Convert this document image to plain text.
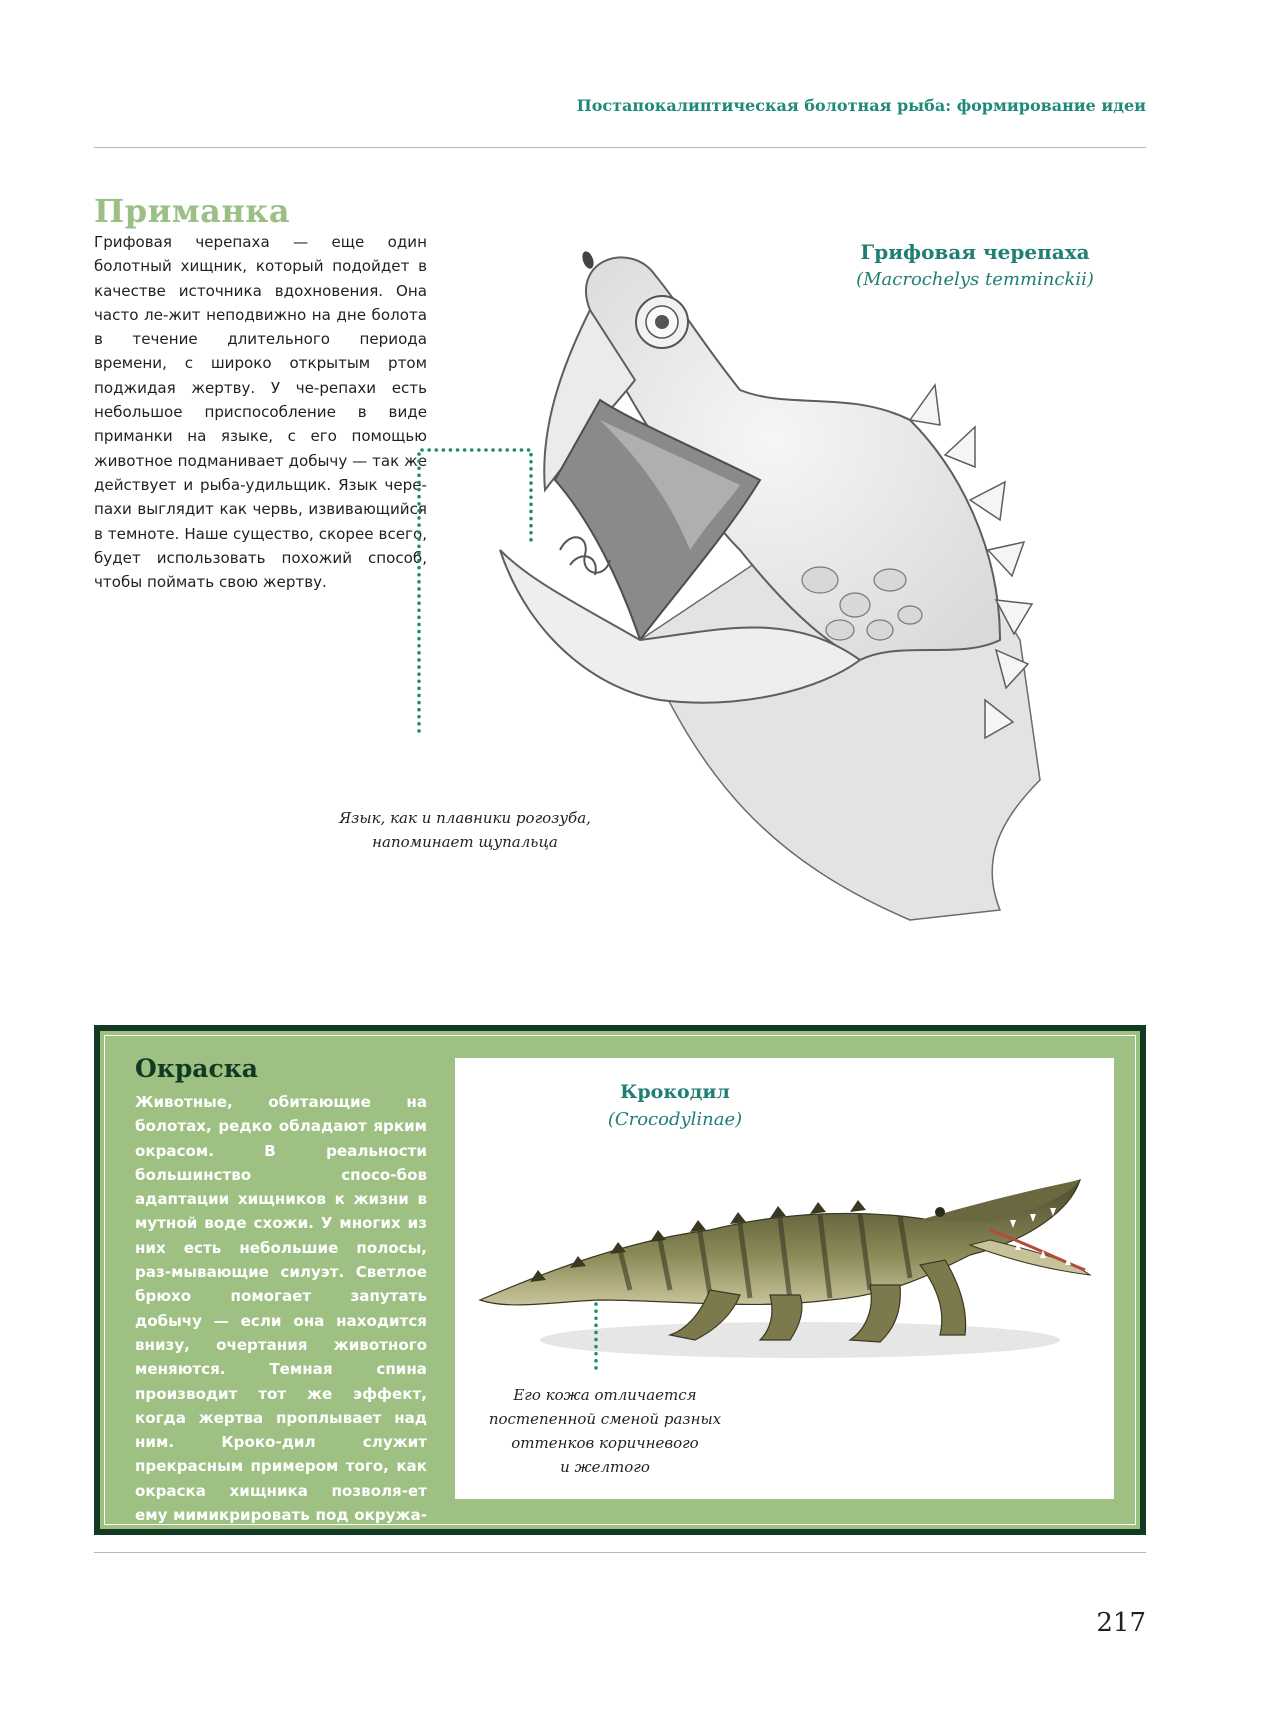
Постапокалиптическая болотная рыба: формирование идеи
Приманка
Грифовая черепаха — еще один болотный хищник, который подойдет в качестве источника вдохновения. Она часто ле-жит неподвижно на дне болота в течение длительного периода времени, с широко открытым ртом поджидая жертву. У че-репахи есть небольшое приспособление в виде приманки на языке, с его помощью животное подманивает добычу — так же действует и рыба-удильщик. Язык чере-пахи выглядит как червь, извивающийся в темноте. Наше существо, скорее всего, будет использовать похожий способ, чтобы поймать свою жертву.
Грифовая черепаха
(Macrochelys temminckii)
Язык, как и плавники рогозуба,
напоминает щупальца
Окраска
Животные, обитающие на болотах, редко обладают ярким окрасом. В реальности большинство спосо-бов адаптации хищников к жизни в мутной воде схожи. У многих из них есть небольшие полосы, раз-мывающие силуэт. Светлое брюхо помогает запутать добычу — если она находится внизу, очертания животного меняются. Темная спина производит тот же эффект, когда жертва проплывает над ним. Кроко-дил служит прекрасным примером того, как окраска хищника позволя-ет ему мимикрировать под окружа-ющую среду.
Крокодил
(Crocodylinae)
Его кожа отличается
постепенной сменой разных
оттенков коричневого
и желтого
217
